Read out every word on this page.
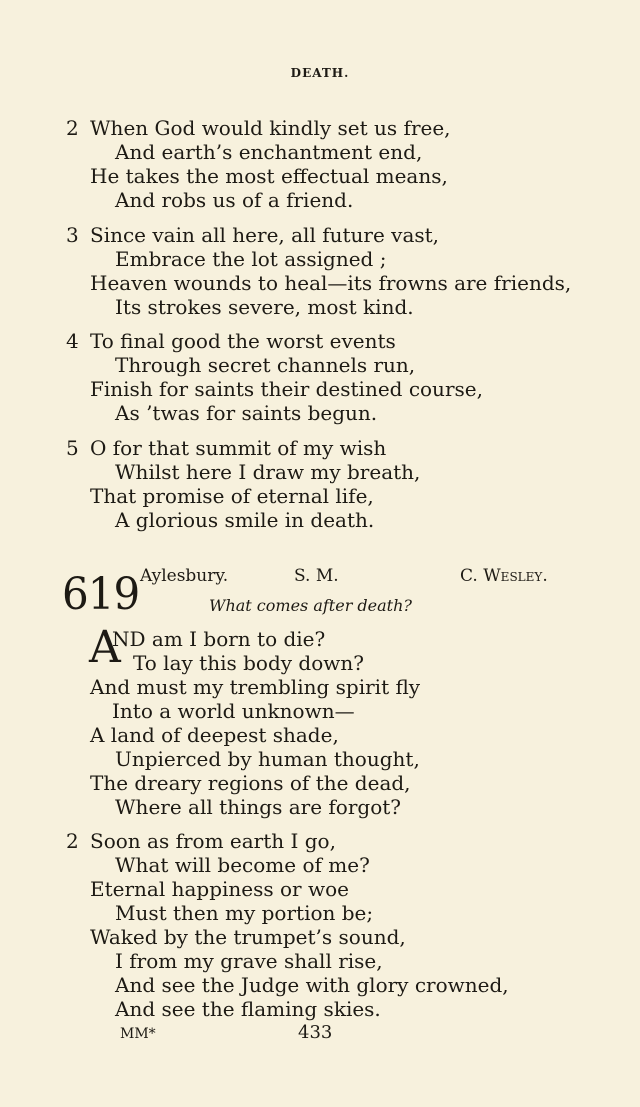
DEATH.
2 When God would kindly set us free,
And earth’s enchantment end,
He takes the most effectual means,
And robs us of a friend.
3 Since vain all here, all future vast,
Embrace the lot assigned ;
Heaven wounds to heal—its frowns are friends,
Its strokes severe, most kind.
4 To final good the worst events
Through secret channels run,
Finish for saints their destined course,
As ’twas for saints begun.
5 O for that summit of my wish
Whilst here I draw my breath,
That promise of eternal life,
A glorious smile in death.
619 Aylesbury.	S. M.	C. Wesley.
What comes after death?
A
ND am I born to die?
To lay this body down?
And must my trembling spirit fly
Into a world unknown—
A land of deepest shade,
Unpierced by human thought,
The dreary regions of the dead,
Where all things are forgot?
2 Soon as from earth I go,
What will become of me?
Eternal happiness or woe
Must then my portion be;
Waked by the trumpet’s sound,
I from my grave shall rise,
And see the Judge with glory crowned,
And see the flaming skies.
MM*	433
